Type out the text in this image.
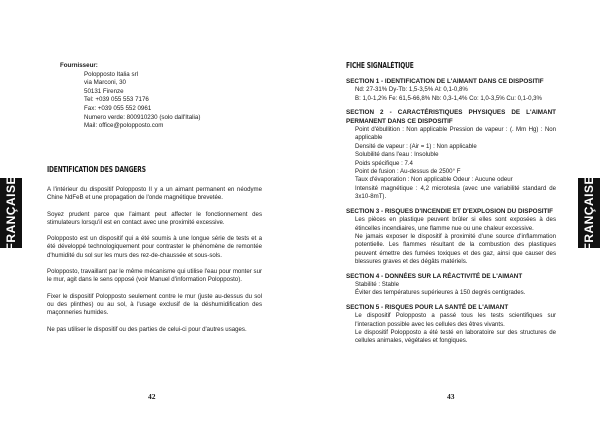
FRANÇAISE
Fournisseur:
Polopposto Italia srl
via Marconi, 30
50131 Firenze
Tel: +039 055 553 7176
Fax: +039 055 552 0961
Numero verde: 800910230 (solo dall'Italia)
Mail: office@polopposto.com
IDENTIFICATION DES DANGERS

A l'intérieur du dispositif Polopposto Il y a un aimant permanent en néodyme Chine NdFeB et une propagation de l'onde magnétique brevetée.

Soyez prudent parce que l'aimant peut affecter le fonctionnement des stimulateurs lorsqu'il est en contact avec une proximité excessive.

Polopposto est un dispositif qui a été soumis à une longue série de tests et a été développé technologiquement pour contraster le phénomène de remontée d'humidité du sol sur les murs des rez-de-chaussée et sous-sols.

Polopposto, travaillant par le même mécanisme qui utilise l'eau pour monter sur le mur, agit dans le sens opposé (voir Manuel d'information Polopposto).

Fixer le dispositif Polopposto seulement contre le mur (juste au-dessus du sol ou des plinthes) ou au sol, à l'usage exclusif de la déshumidification des maçonneries humides.

Ne pas utiliser le dispositif ou des parties de celui-ci pour d'autres usages.

42
FICHE SIGNALÉTIQUE
SECTION 1 - IDENTIFICATION DE L'AIMANT DANS CE DISPOSITIF
Nd: 27-31% Dy-Tb: 1,5-3,5% Al: 0,1-0,8%
B: 1,0-1,2% Fe: 61,5-66,8% Nb: 0,3-1,4% Co: 1,0-3,5% Cu: 0,1-0,3%
SECTION 2 - CARACTÉRISTIQUES PHYSIQUES DE L'AIMANT PERMANENT DANS CE DISPOSITIF
Point d'ébullition : Non applicable Pression de vapeur : (. Mm Hg) : Non applicable
Densité de vapeur : (Air = 1) : Non applicable
Solubilité dans l'eau : Insoluble
Poids spécifique : 7.4
Point de fusion : Au-dessus de 2500° F
Taux d'évaporation : Non applicable Odeur : Aucune odeur
Intensité magnétique : 4,2 microtesla (avec une variabilité standard de 3x10-8mT).
SECTION 3 - RISQUES D'INCENDIE ET D'EXPLOSION DU DISPOSITIF
Les pièces en plastique peuvent brûler si elles sont exposées à des étincelles incendiaires, une flamme nue ou une chaleur excessive.
Ne jamais exposer le dispositif à proximité d'une source d'inflammation potentielle. Les flammes résultant de la combustion des plastiques peuvent émettre des fumées toxiques et des gaz, ainsi que causer des blessures graves et des dégâts matériels.
SECTION 4 - DONNÉES SUR LA RÉACTIVITÉ DE L'AIMANT
Stabilité : Stable
Éviter des températures supérieures à 150 degrés centigrades.
SECTION 5 - RISQUES POUR LA SANTÉ DE L'AIMANT
Le dispositif Polopposto a passé tous les tests scientifiques sur l'interaction possible avec les cellules des êtres vivants.
Le dispositif Polopposto a été testé en laboratoire sur des structures de cellules animales, végétales et fongiques.
FRANÇAISE
43
